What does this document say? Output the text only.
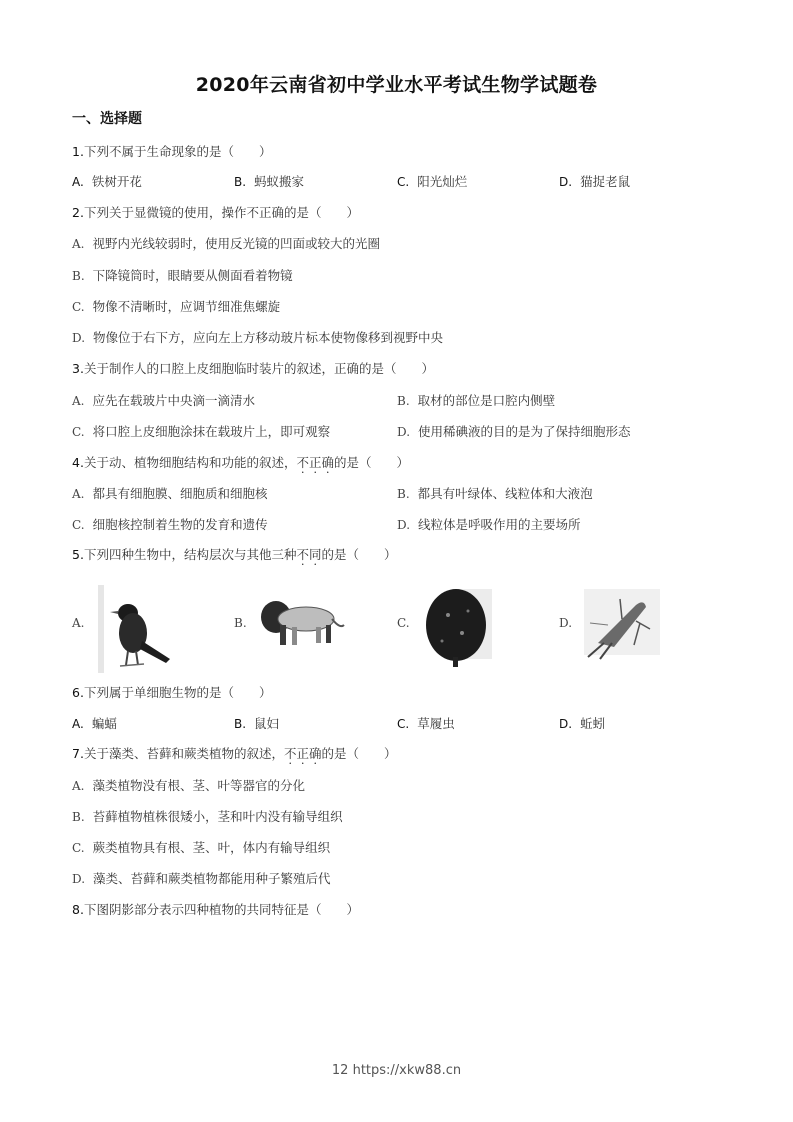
2020年云南省初中学业水平考试生物学试题卷
一、选择题
1.下列不属于生命现象的是（　　）
A. 铁树开花	B. 蚂蚁搬家	C. 阳光灿烂	D. 猫捉老鼠
2.下列关于显微镜的使用，操作不正确的是（　　）
A. 视野内光线较弱时，使用反光镜的凹面或较大的光圈
B. 下降镜筒时，眼睛要从侧面看着物镜
C. 物像不清晰时，应调节细准焦螺旋
D. 物像位于右下方，应向左上方移动玻片标本使物像移到视野中央
3.关于制作人的口腔上皮细胞临时装片的叙述，正确的是（　　）
A. 应先在载玻片中央滴一滴清水	B. 取材的部位是口腔内侧壁
C. 将口腔上皮细胞涂抹在载玻片上，即可观察	D. 使用稀碘液的目的是为了保持细胞形态
4.关于动、植物细胞结构和功能的叙述，不正确的是（　　）
A. 都具有细胞膜、细胞质和细胞核	B. 都具有叶绿体、线粒体和大液泡
C. 细胞核控制着生物的发育和遗传	D. 线粒体是呼吸作用的主要场所
5.下列四种生物中，结构层次与其他三种不同的是（　　）
A.	B.	C.	D.
6.下列属于单细胞生物的是（　　）
A. 蝙蝠	B. 鼠妇	C. 草履虫	D. 蚯蚓
7.关于藻类、苔藓和蕨类植物的叙述，不正确的是（　　）
A. 藻类植物没有根、茎、叶等器官的分化
B. 苔藓植物植株很矮小，茎和叶内没有输导组织
C. 蕨类植物具有根、茎、叶，体内有输导组织
D. 藻类、苔藓和蕨类植物都能用种子繁殖后代
8.下图阴影部分表示四种植物的共同特征是（　　）
12 https://xkw88.cn
